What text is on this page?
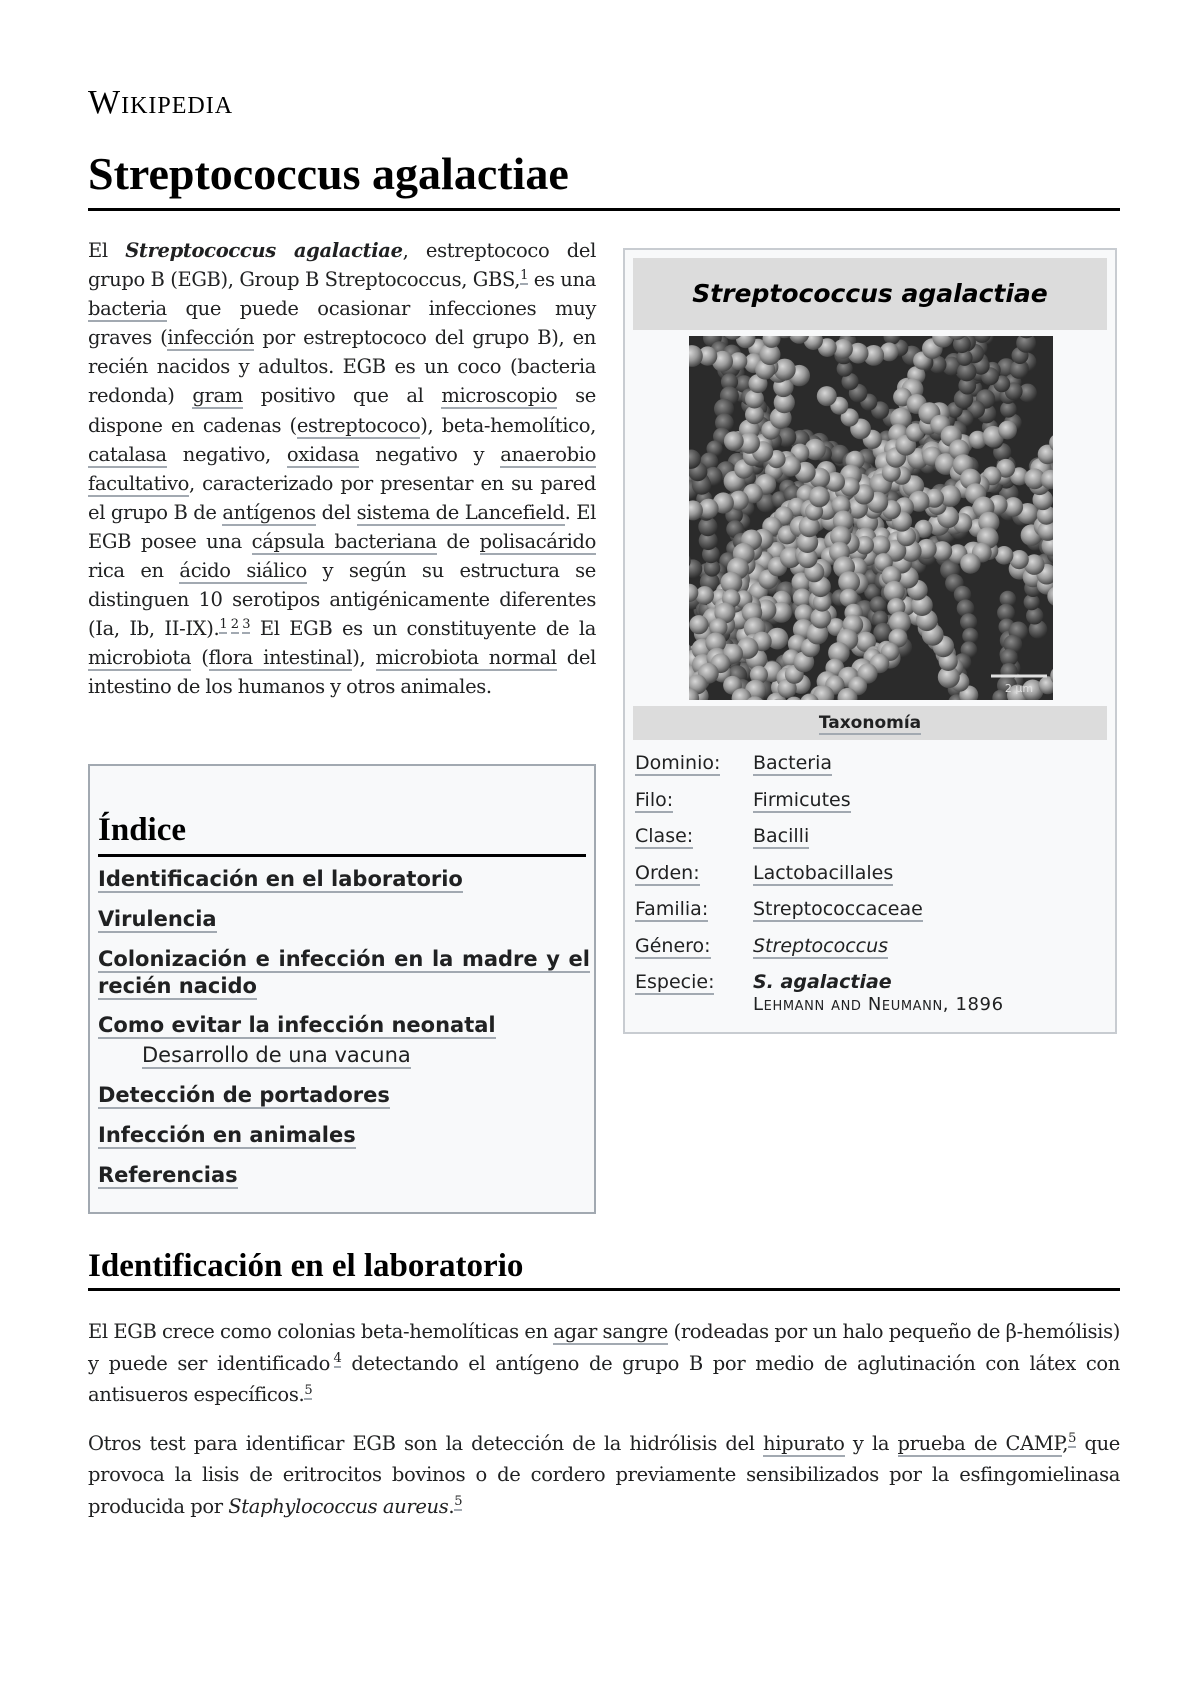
Wikipedia
Streptococcus agalactiae

El Streptococcus agalactiae, estreptococo del grupo B (EGB), Group B Streptococcus, GBS,$^1$ es una bacteria que puede ocasionar infecciones muy graves (infección por estreptococo del grupo B), en recién nacidos y adultos. EGB es un coco (bacteria redonda) gram positivo que al microscopio se dispone en cadenas (estreptococo), beta-hemolítico, catalasa negativo, oxidasa negativo y anaerobio facultativo, caracterizado por presentar en su pared el grupo B de antígenos del sistema de Lancefield. El EGB posee una cápsula bacteriana de polisacárido rica en ácido siálico y según su estructura se distinguen 10 serotipos antigénicamente diferentes (Ia, Ib, II-IX).$^1$  $^2$  $^3$ El EGB es un constituyente de la microbiota (flora intestinal), microbiota normal del intestino de los humanos y otros animales.

Streptococcus agalactiae
2 µm
Taxonomía
Dominio: Bacteria
Filo:	Firmicutes
Clase:	Bacilli
Orden:	Lactobacillales
Familia: Streptococcaceae
Género: Streptococcus
Especie: S. agalactiae
Lehmann and Neumann, 1896
Índice
Identificación en el laboratorio
Virulencia
Colonización e infección en la madre y el recién nacido
Como evitar la infección neonatal
Desarrollo de una vacuna
Detección de portadores
Infección en animales
Referencias
Identificación en el laboratorio

El EGB crece como colonias beta-hemolíticas en agar sangre (rodeadas por un halo pequeño de β-hemólisis) y puede ser identificado  $^4$ detectando el antígeno de grupo B por medio de aglutinación con látex con antisueros específicos.$^5$

Otros test para identificar EGB son la detección de la hidrólisis del hipurato y la prueba de CAMP,$^5$ que provoca la lisis de eritrocitos bovinos o de cordero previamente sensibilizados por la esfingomielinasa producida por Staphylococcus aureus.$^5$
